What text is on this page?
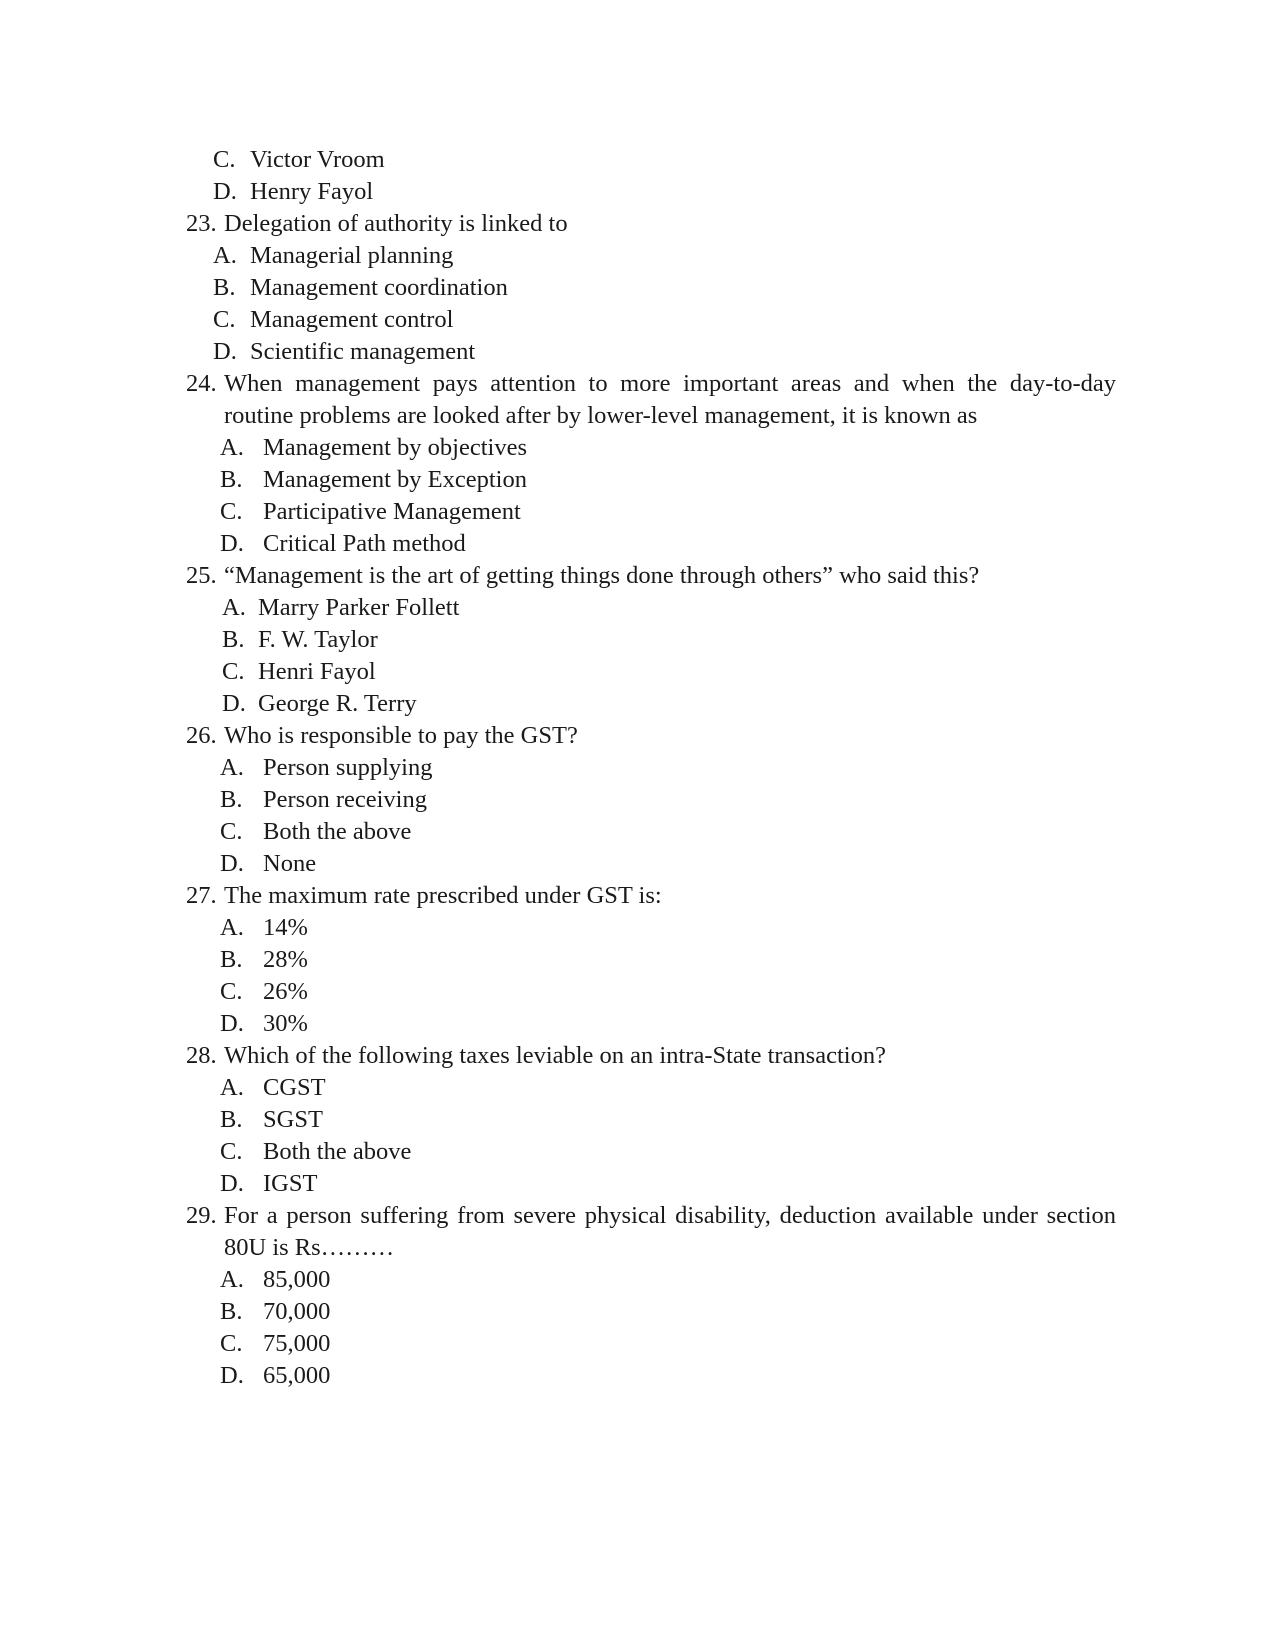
C. Victor Vroom
D. Henry Fayol
23. Delegation of authority is linked to
A. Managerial planning
B. Management coordination
C. Management control
D. Scientific management
24. When management pays attention to more important areas and when the day-to-day
routine problems are looked after by lower-level management, it is known as
A. Management by objectives
B. Management by Exception
C. Participative Management
D. Critical Path method
25. “Management is the art of getting things done through others” who said this?
A. Marry Parker Follett
B. F. W. Taylor
C. Henri Fayol
D. George R. Terry
26. Who is responsible to pay the GST?
A. Person supplying
B. Person receiving
C. Both the above
D. None
27. The maximum rate prescribed under GST is:
A. 14%
B. 28%
C. 26%
D. 30%
28. Which of the following taxes leviable on an intra-State transaction?
A. CGST
B. SGST
C. Both the above
D. IGST
29. For a person suffering from severe physical disability, deduction available under section
80U is Rs………
A. 85,000
B. 70,000
C. 75,000
D. 65,000
